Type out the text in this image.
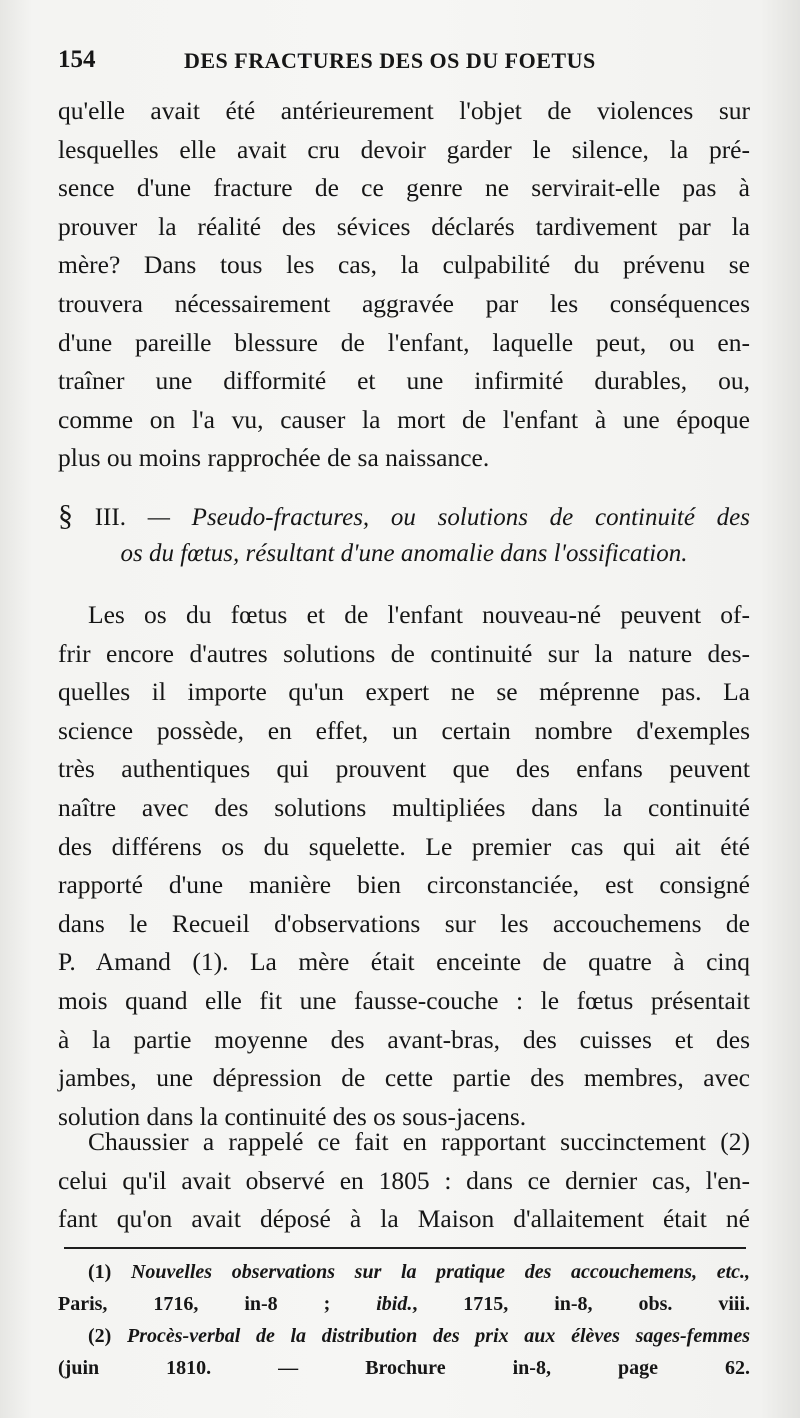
154	DES FRACTURES DES OS DU FOETUS
qu'elle avait été antérieurement l'objet de violences sur
lesquelles elle avait cru devoir garder le silence, la pré-
sence d'une fracture de ce genre ne servirait-elle pas à
prouver la réalité des sévices déclarés tardivement par la
mère? Dans tous les cas, la culpabilité du prévenu se
trouvera nécessairement aggravée par les conséquences
d'une pareille blessure de l'enfant, laquelle peut, ou en-
traîner une difformité et une infirmité durables, ou,
comme on l'a vu, causer la mort de l'enfant à une époque
plus ou moins rapprochée de sa naissance.
§ III. — Pseudo-fractures, ou solutions de continuité des
os du fœtus, résultant d'une anomalie dans l'ossification.
Les os du fœtus et de l'enfant nouveau-né peuvent of-
frir encore d'autres solutions de continuité sur la nature des-
quelles il importe qu'un expert ne se méprenne pas. La
science possède, en effet, un certain nombre d'exemples
très authentiques qui prouvent que des enfans peuvent
naître avec des solutions multipliées dans la continuité
des différens os du squelette. Le premier cas qui ait été
rapporté d'une manière bien circonstanciée, est consigné
dans le Recueil d'observations sur les accouchemens de
P. Amand (1). La mère était enceinte de quatre à cinq
mois quand elle fit une fausse-couche : le fœtus présentait
à la partie moyenne des avant-bras, des cuisses et des
jambes, une dépression de cette partie des membres, avec
solution dans la continuité des os sous-jacens.
Chaussier a rappelé ce fait en rapportant succinctement (2)
celui qu'il avait observé en 1805 : dans ce dernier cas, l'en-
fant qu'on avait déposé à la Maison d'allaitement était né
(1) Nouvelles observations sur la pratique des accouchemens, etc.,
Paris, 1716, in-8 ; ibid., 1715, in-8, obs. viii.
(2) Procès-verbal de la distribution des prix aux élèves sages-femmes
(juin 1810. — Brochure in-8, page 62.
